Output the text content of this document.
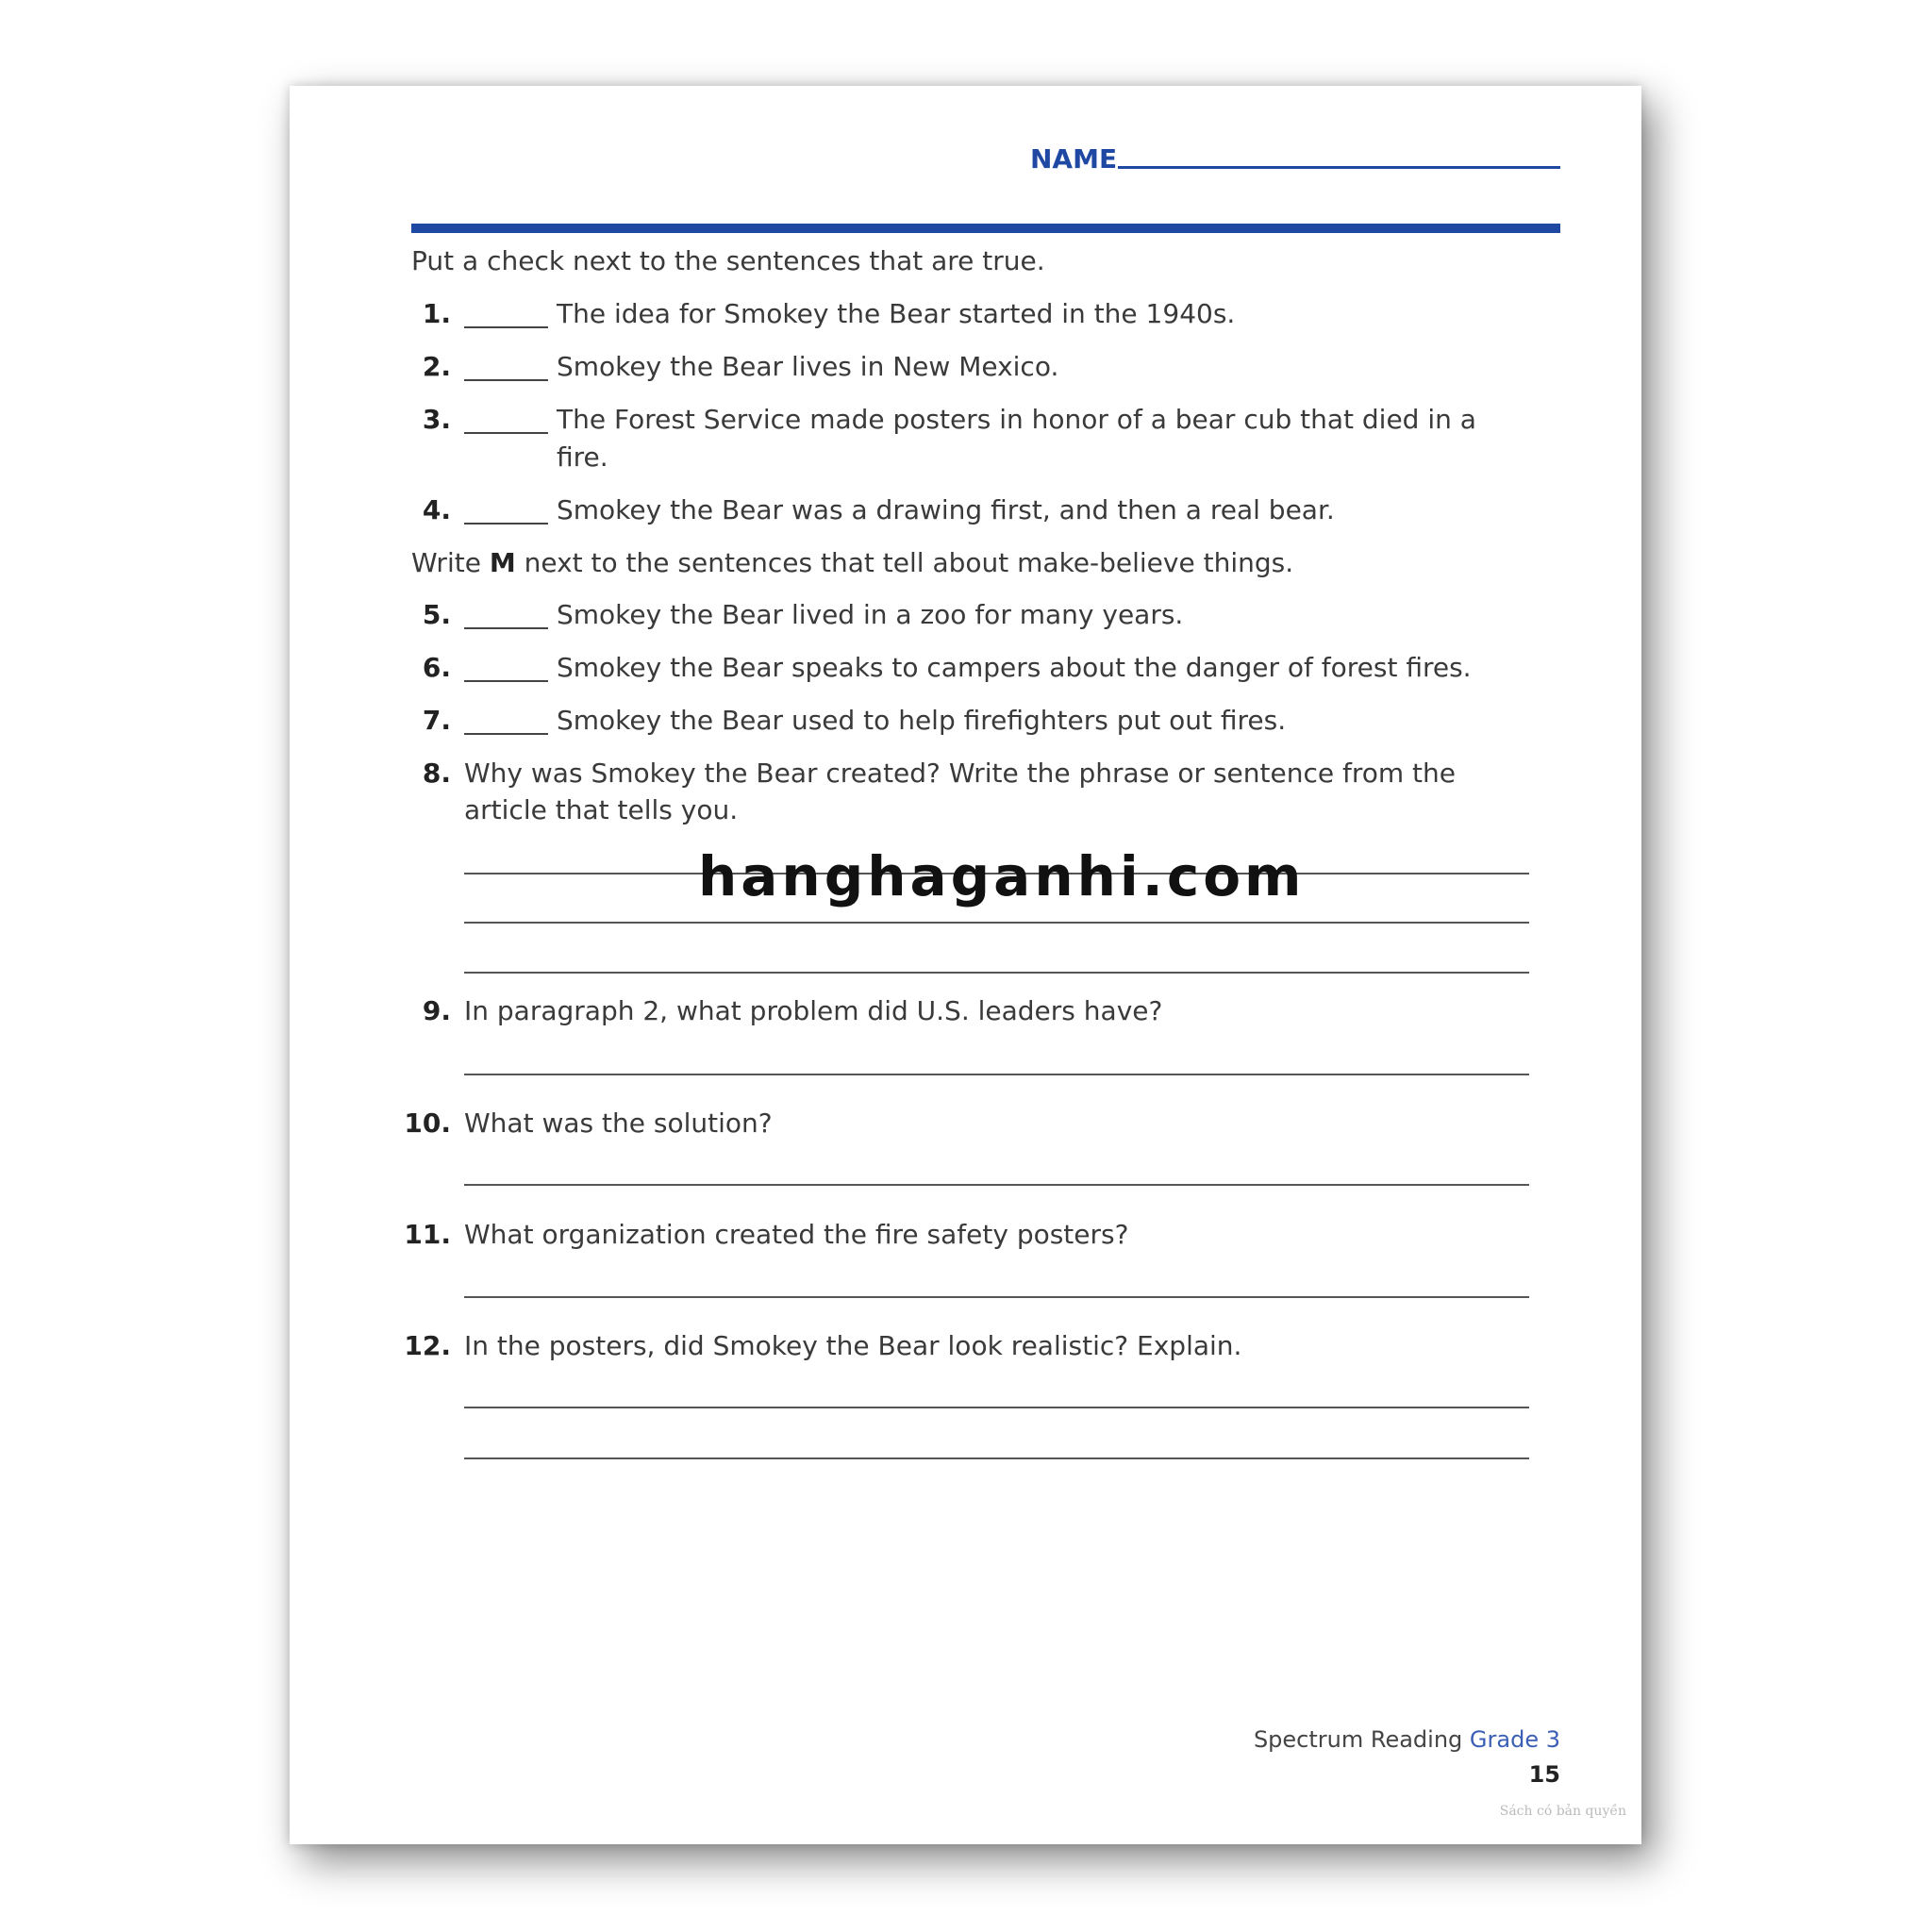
NAME
Put a check next to the sentences that are true.
1.	The idea for Smokey the Bear started in the 1940s.
2.	Smokey the Bear lives in New Mexico.
3.	The Forest Service made posters in honor of a bear cub that died in a
fire.
4.	Smokey the Bear was a drawing first, and then a real bear.
Write M next to the sentences that tell about make-believe things.
5.	Smokey the Bear lived in a zoo for many years.
6.	Smokey the Bear speaks to campers about the danger of forest fires.
7.	Smokey the Bear used to help firefighters put out fires.
8. Why was Smokey the Bear created? Write the phrase or sentence from the
article that tells you.
9. In paragraph 2, what problem did U.S. leaders have?
10. What was the solution?
11. What organization created the fire safety posters?
12. In the posters, did Smokey the Bear look realistic? Explain.
hanghaganhi.com
Spectrum Reading Grade 3
15
Sách có bản quyền
